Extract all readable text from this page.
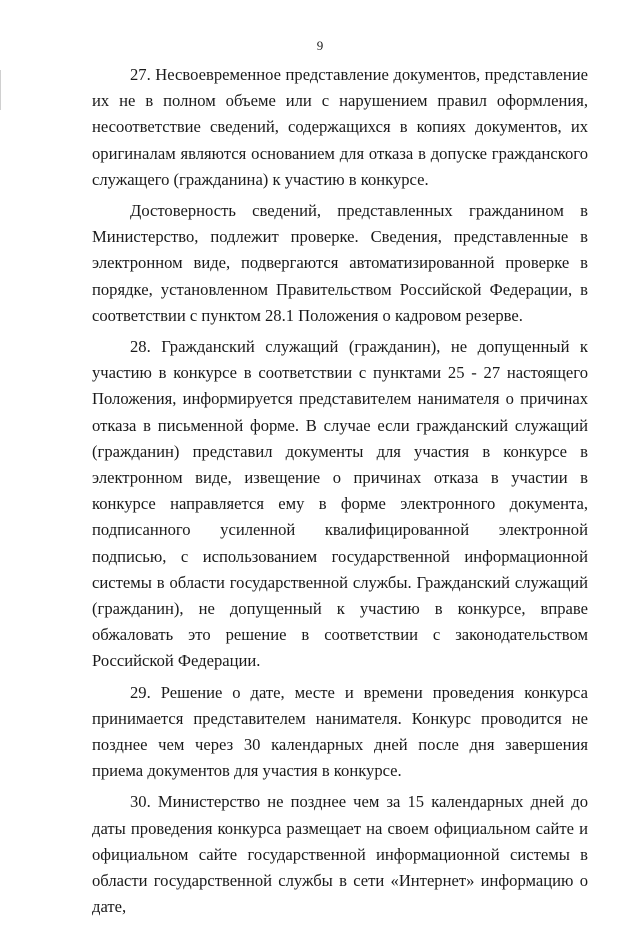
9

27. Несвоевременное представление документов, представление их не в полном объеме или с нарушением правил оформления, несоответствие сведений, содержащихся в копиях документов, их оригиналам являются основанием для отказа в допуске гражданского служащего (гражданина) к участию в конкурсе.

Достоверность сведений, представленных гражданином в Министерство, подлежит проверке. Сведения, представленные в электронном виде, подвергаются автоматизированной проверке в порядке, установленном Правительством Российской Федерации, в соответствии с пунктом 28.1 Положения о кадровом резерве.

28. Гражданский служащий (гражданин), не допущенный к участию в конкурсе в соответствии с пунктами 25 - 27 настоящего Положения, информируется представителем нанимателя о причинах отказа в письменной форме. В случае если гражданский служащий (гражданин) представил документы для участия в конкурсе в электронном виде, извещение о причинах отказа в участии в конкурсе направляется ему в форме электронного документа, подписанного усиленной квалифицированной электронной подписью, с использованием государственной информационной системы в области государственной службы. Гражданский служащий (гражданин), не допущенный к участию в конкурсе, вправе обжаловать это решение в соответствии с законодательством Российской Федерации.

29. Решение о дате, месте и времени проведения конкурса принимается представителем нанимателя. Конкурс проводится не позднее чем через 30 календарных дней после дня завершения приема документов для участия в конкурсе.

30. Министерство не позднее чем за 15 календарных дней до даты проведения конкурса размещает на своем официальном сайте и официальном сайте государственной информационной системы в области государственной службы в сети «Интернет» информацию о дате,
